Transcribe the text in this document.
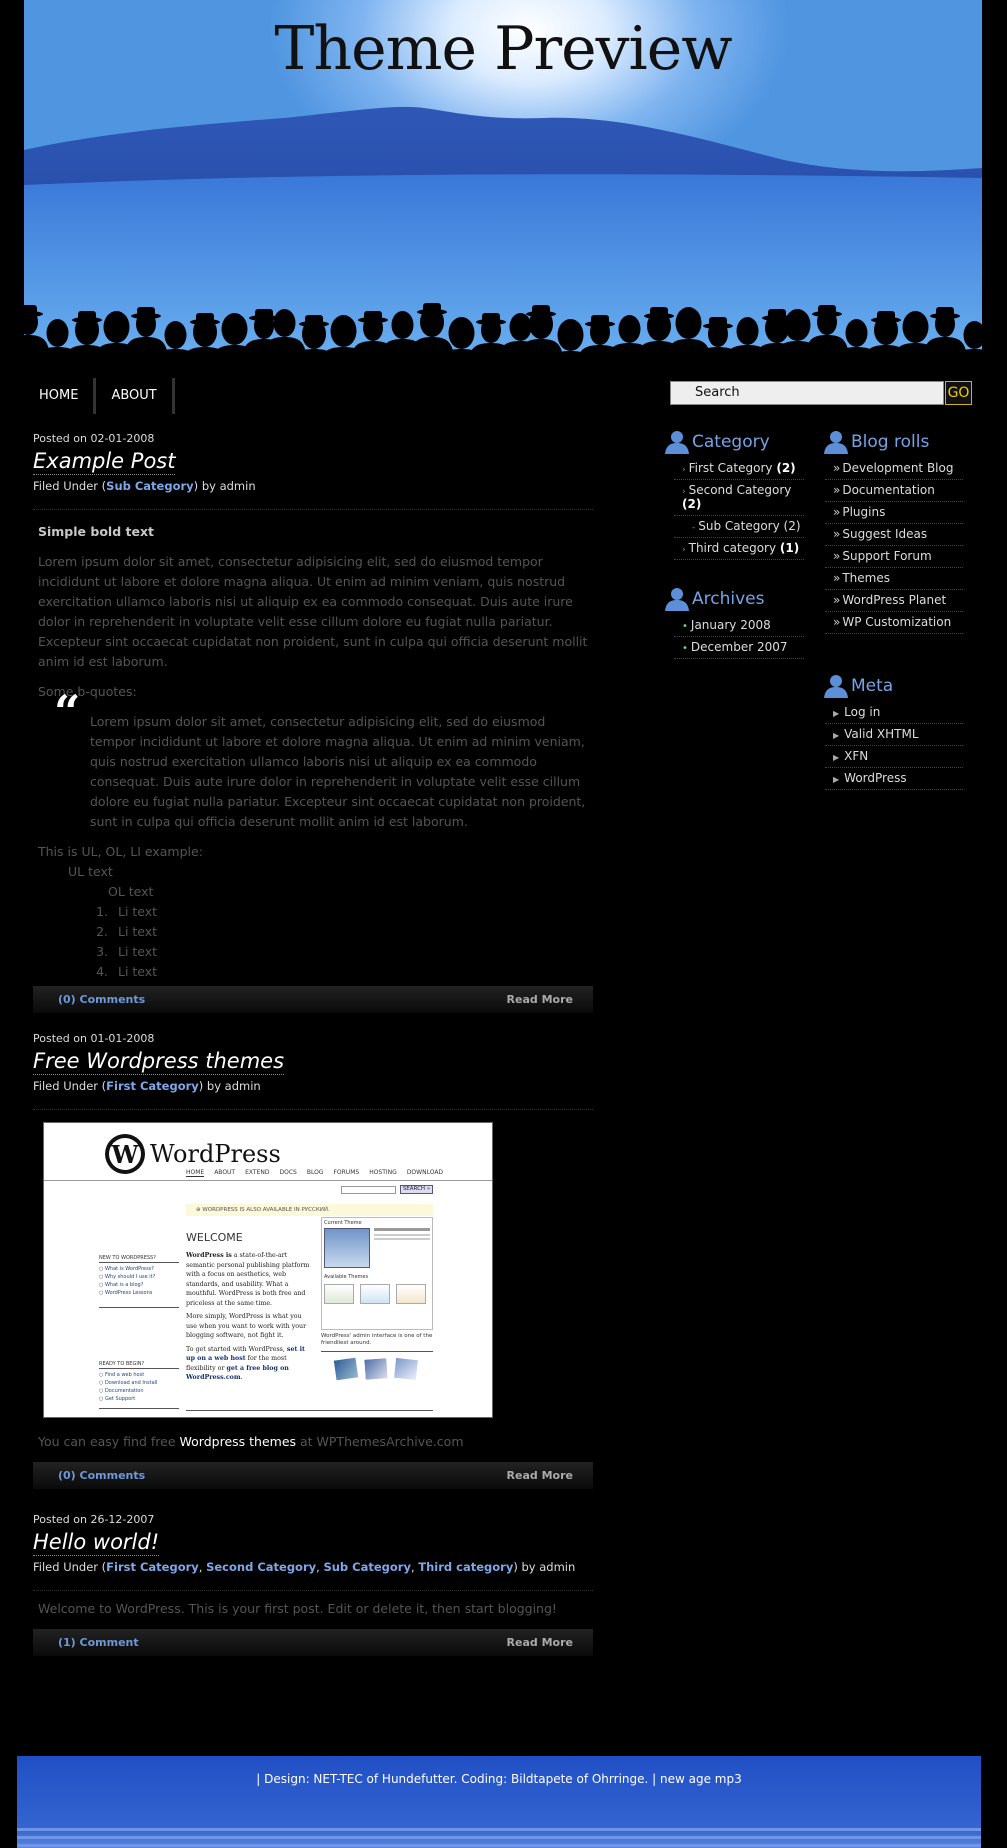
Theme Preview
HOME	ABOUT	Search	GO
Posted on 02-01-2008
Example Post
Filed Under (Sub Category) by admin
Simple bold text

Lorem ipsum dolor sit amet, consectetur adipisicing elit, sed do eiusmod tempor incididunt ut labore et dolore magna aliqua. Ut enim ad minim veniam, quis nostrud exercitation ullamco laboris nisi ut aliquip ex ea commodo consequat. Duis aute irure dolor in reprehenderit in voluptate velit esse cillum dolore eu fugiat nulla pariatur. Excepteur sint occaecat cupidatat non proident, sunt in culpa qui officia deserunt mollit anim id est laborum.

Some b-quotes:

“ Lorem ipsum dolor sit amet, consectetur adipisicing elit, sed do eiusmod tempor incididunt ut labore et dolore magna aliqua. Ut enim ad minim veniam, quis nostrud exercitation ullamco laboris nisi ut aliquip ex ea commodo consequat. Duis aute irure dolor in reprehenderit in voluptate velit esse cillum dolore eu fugiat nulla pariatur. Excepteur sint occaecat cupidatat non proident, sunt in culpa qui officia deserunt mollit anim id est laborum.
This is UL, OL, LI example:
UL text
OL text
1. Li text
2. Li text
3. Li text
4. Li text
(0) Comments	Read More
Posted on 01-01-2008
Free Wordpress themes
Filed Under (First Category) by admin
W WordPress
HOME ABOUT EXTEND DOCS BLOG FORUMS HOSTING DOWNLOAD
SEARCH »
⊕ WORDPRESS IS ALSO AVAILABLE IN РУССКИЙ.
WELCOME
WordPress is a state-of-the-art semantic personal publishing platform with a focus on aesthetics, web standards, and usability. What a mouthful. WordPress is both free and priceless at the same time.
More simply, WordPress is what you use when you want to work with your blogging software, not fight it.
To get started with WordPress, set it up on a web host for the most flexibility or get a free blog on WordPress.com.
NEW TO WORDPRESS?
○ What is WordPress?
○ Why should I use it?
○ What is a blog?
○ WordPress Lessons
READY TO BEGIN?
○ Find a web host
○ Download and Install
○ Documentation
○ Get Support
Current Theme
Available Themes
WordPress' admin interface is one of the friendliest around.

You can easy find free Wordpress themes at WPThemesArchive.com

(0) Comments	Read More
Posted on 26-12-2007
Hello world!
Filed Under (First Category, Second Category, Sub Category, Third category) by admin

Welcome to WordPress. This is your first post. Edit or delete it, then start blogging!

(1) Comment	Read More
Category
› First Category (2)
› Second Category (2)
- Sub Category (2)
› Third category (1)
Archives
• January 2008
• December 2007
Blog rolls
» Development Blog
» Documentation
» Plugins
» Suggest Ideas
» Support Forum
» Themes
» WordPress Planet
» WP Customization
Meta
▶ Log in
▶ Valid XHTML
▶ XFN
▶ WordPress
| Design: NET-TEC of Hundefutter. Coding: Bildtapete of Ohrringe. | new age mp3
